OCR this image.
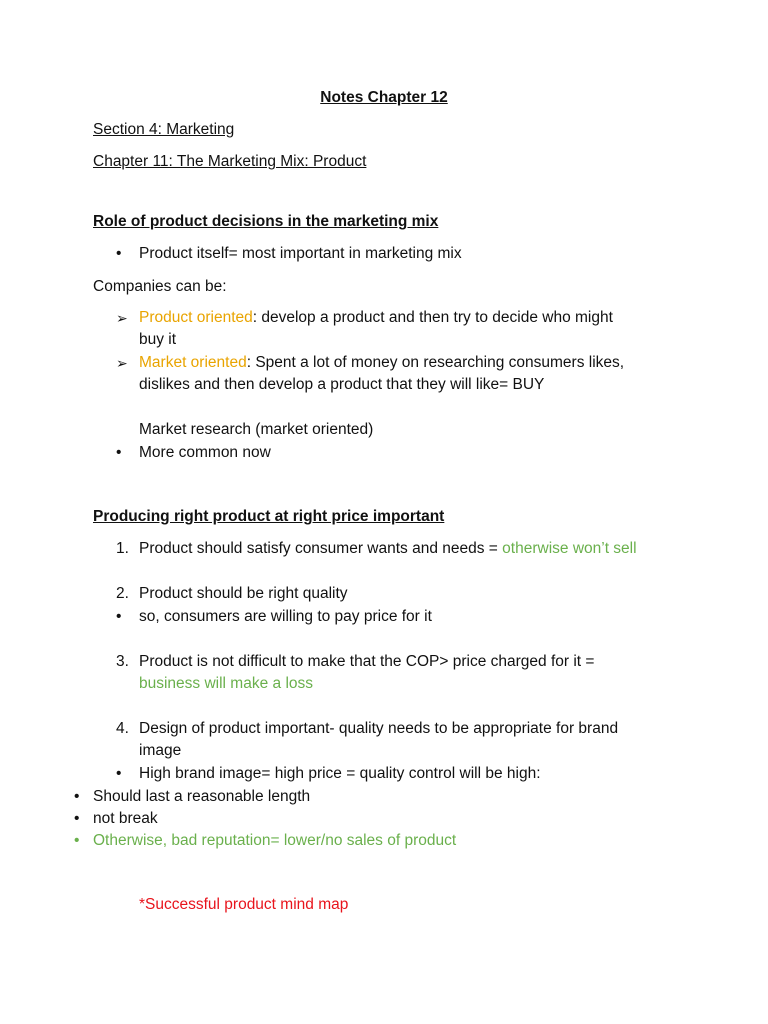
Notes Chapter 12
Section 4: Marketing
Chapter 11: The Marketing Mix: Product
Role of product decisions in the marketing mix
•	Product itself= most important in marketing mix
Companies can be:
➢ Product oriented: develop a product and then try to decide who might
buy it
➢ Market oriented: Spent a lot of money on researching consumers likes,
dislikes and then develop a product that they will like= BUY
Market research (market oriented)
•	More common now
Producing right product at right price important
1. Product should satisfy consumer wants and needs = otherwise won’t sell
2. Product should be right quality
•	so, consumers are willing to pay price for it
3. Product is not difficult to make that the COP> price charged for it =
business will make a loss
4. Design of product important- quality needs to be appropriate for brand
image
•	High brand image= high price = quality control will be high:
• Should last a reasonable length
• not break
• Otherwise, bad reputation= lower/no sales of product
*Successful product mind map
